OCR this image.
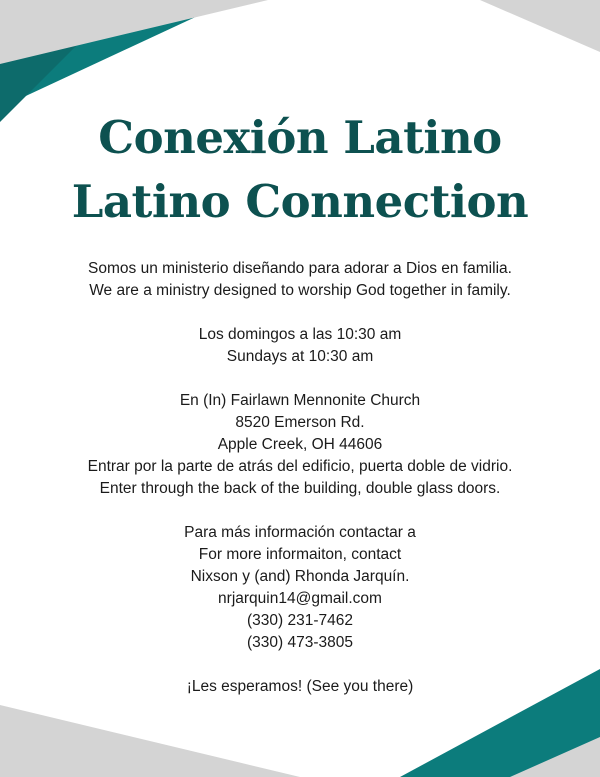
Conexión Latino
Latino Connection
Somos un ministerio diseñando para adorar a Dios en familia.
We are a ministry designed to worship God together in family.
Los domingos a las 10:30 am
Sundays at 10:30 am
En (In) Fairlawn Mennonite Church
8520 Emerson Rd.
Apple Creek, OH 44606
Entrar por la parte de atrás del edificio, puerta doble de vidrio.
Enter through the back of the building, double glass doors.
Para más información contactar a
For more informaiton, contact
Nixson y (and) Rhonda Jarquín.
nrjarquin14@gmail.com
(330) 231-7462
(330) 473-3805
¡Les esperamos! (See you there)
